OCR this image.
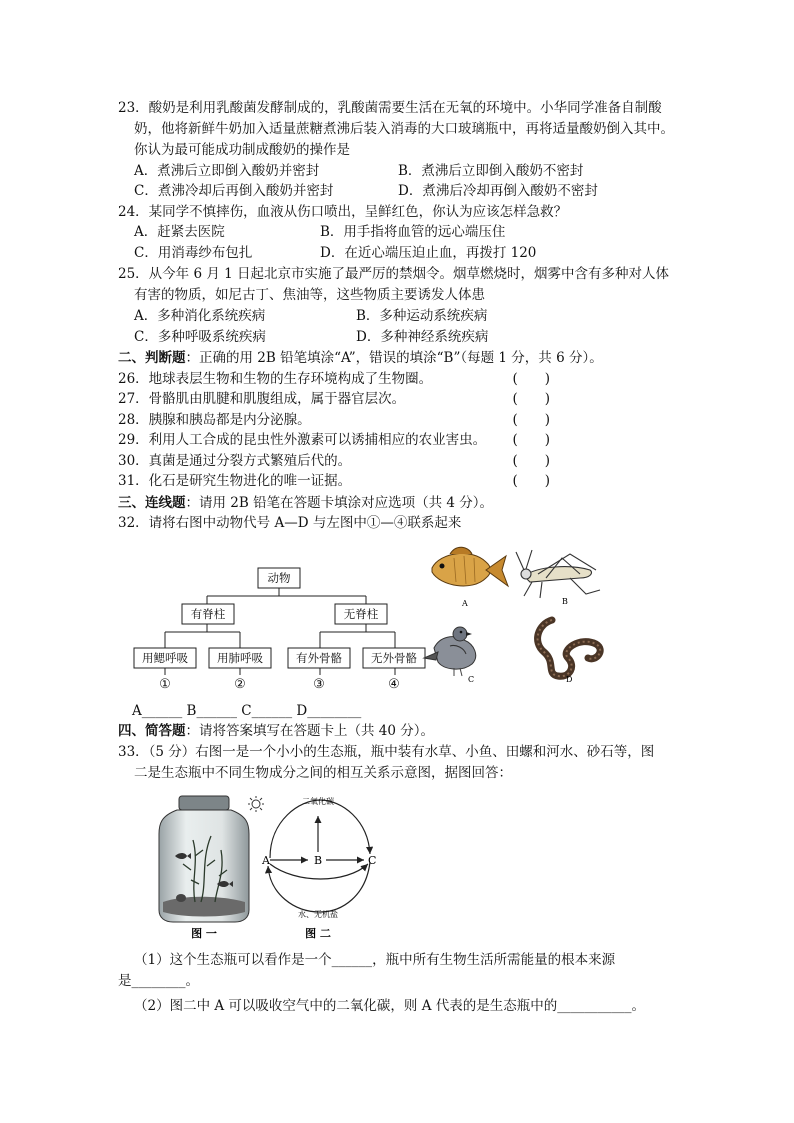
23．酸奶是利用乳酸菌发酵制成的，乳酸菌需要生活在无氧的环境中。小华同学准备自制酸
奶，他将新鲜牛奶加入适量蔗糖煮沸后装入消毒的大口玻璃瓶中，再将适量酸奶倒入其中。
你认为最可能成功制成酸奶的操作是
A．煮沸后立即倒入酸奶并密封	B．煮沸后立即倒入酸奶不密封
C．煮沸冷却后再倒入酸奶并密封	D．煮沸后冷却再倒入酸奶不密封
24．某同学不慎摔伤，血液从伤口喷出，呈鲜红色，你认为应该怎样急救？
A．赶紧去医院	B．用手指将血管的远心端压住
C．用消毒纱布包扎	D．在近心端压迫止血，再拨打 120
25．从今年 6 月 1 日起北京市实施了最严厉的禁烟令。烟草燃烧时，烟雾中含有多种对人体
有害的物质，如尼古丁、焦油等，这些物质主要诱发人体患
A．多种消化系统疾病	B．多种运动系统疾病
C．多种呼吸系统疾病	D．多种神经系统疾病
二、判断题：正确的用 2B 铅笔填涂“A”，错误的填涂“B”（每题 1 分，共 6 分）。
26．地球表层生物和生物的生存环境构成了生物圈。	(　　)
27．骨骼肌由肌腱和肌腹组成，属于器官层次。	(　　)
28．胰腺和胰岛都是内分泌腺。	(　　)
29．利用人工合成的昆虫性外激素可以诱捕相应的农业害虫。 (　　)
30．真菌是通过分裂方式繁殖后代的。	(　　)
31．化石是研究生物进化的唯一证据。	(　　)
三、连线题：请用 2B 铅笔在答题卡填涂对应选项（共 4 分）。
32．请将右图中动物代号 A—D 与左图中①—④联系起来
动物
有脊柱	无脊柱
用鳃呼吸	用肺呼吸	有外骨骼	无外骨骼
①	②	③	④
A	B
C	D
A______ B______ C______ D________
四、简答题：请将答案填写在答题卡上（共 40 分）。
33．（5 分）右图一是一个小小的生态瓶，瓶中装有水草、小鱼、田螺和河水、砂石等，图
二是生态瓶中不同生物成分之间的相互关系示意图，据图回答：
图 一
二氧化碳
水、无机盐
A	B	C
图 二
（1）这个生态瓶可以看作是一个______，瓶中所有生物生活所需能量的根本来源
是________。
（2）图二中 A 可以吸收空气中的二氧化碳，则 A 代表的是生态瓶中的___________。
